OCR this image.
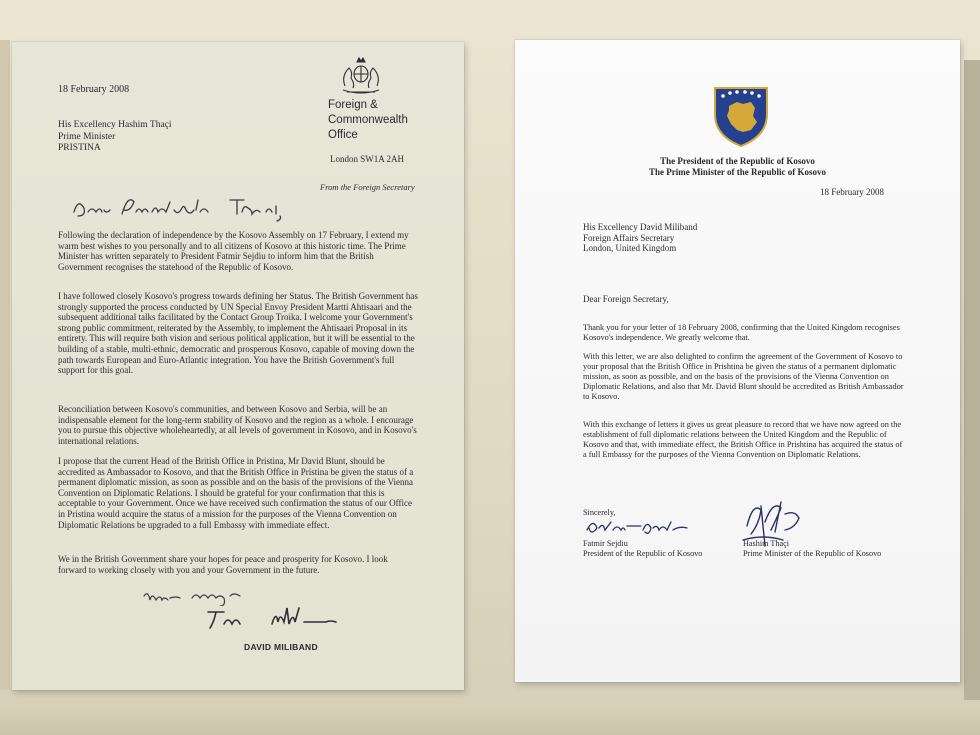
18 February 2008
Foreign &
Commonwealth
Office
His Excellency Hashim Thaçi
Prime Minister
PRISTINA
London SW1A 2AH
From the Foreign Secretary
Following the declaration of independence by the Kosovo Assembly on 17 February, I extend my warm best wishes to you personally and to all citizens of Kosovo at this historic time. The Prime Minister has written separately to President Fatmir Sejdiu to inform him that the British Government recognises the statehood of the Republic of Kosovo.
I have followed closely Kosovo's progress towards defining her Status. The British Government has strongly supported the process conducted by UN Special Envoy President Martti Ahtisaari and the subsequent additional talks facilitated by the Contact Group Troika. I welcome your Government's strong public commitment, reiterated by the Assembly, to implement the Ahtisaari Proposal in its entirety. This will require both vision and serious political application, but it will be essential to the building of a stable, multi-ethnic, democratic and prosperous Kosovo, capable of moving down the path towards European and Euro-Atlantic integration. You have the British Government's full support for this goal.
Reconciliation between Kosovo's communities, and between Kosovo and Serbia, will be an indispensable element for the long-term stability of Kosovo and the region as a whole. I encourage you to pursue this objective wholeheartedly, at all levels of government in Kosovo, and in Kosovo's international relations.
I propose that the current Head of the British Office in Pristina, Mr David Blunt, should be accredited as Ambassador to Kosovo, and that the British Office in Pristina be given the status of a permanent diplomatic mission, as soon as possible and on the basis of the provisions of the Vienna Convention on Diplomatic Relations. I should be grateful for your confirmation that this is acceptable to your Government. Once we have received such confirmation the status of our Office in Pristina would acquire the status of a mission for the purposes of the Vienna Convention on Diplomatic Relations be upgraded to a full Embassy with immediate effect.
We in the British Government share your hopes for peace and prosperity for Kosovo. I look forward to working closely with you and your Government in the future.
DAVID MILIBAND
The President of the Republic of Kosovo
The Prime Minister of the Republic of Kosovo
18 February 2008
His Excellency David Miliband
Foreign Affairs Secretary
London, United Kingdom
Dear Foreign Secretary,
Thank you for your letter of 18 February 2008, confirming that the United Kingdom recognises Kosovo's independence. We greatly welcome that.
With this letter, we are also delighted to confirm the agreement of the Government of Kosovo to your proposal that the British Office in Prishtina be given the status of a permanent diplomatic mission, as soon as possible, and on the basis of the provisions of the Vienna Convention on Diplomatic Relations, and also that Mr. David Blunt should be accredited as British Ambassador to Kosovo.
With this exchange of letters it gives us great pleasure to record that we have now agreed on the establishment of full diplomatic relations between the United Kingdom and the Republic of Kosovo and that, with immediate effect, the British Office in Prishtina has acquired the status of a full Embassy for the purposes of the Vienna Convention on Diplomatic Relations.
Sincerely,
Fatmir Sejdiu
President of the Republic of Kosovo
Hashim Thaçi
Prime Minister of the Republic of Kosovo
